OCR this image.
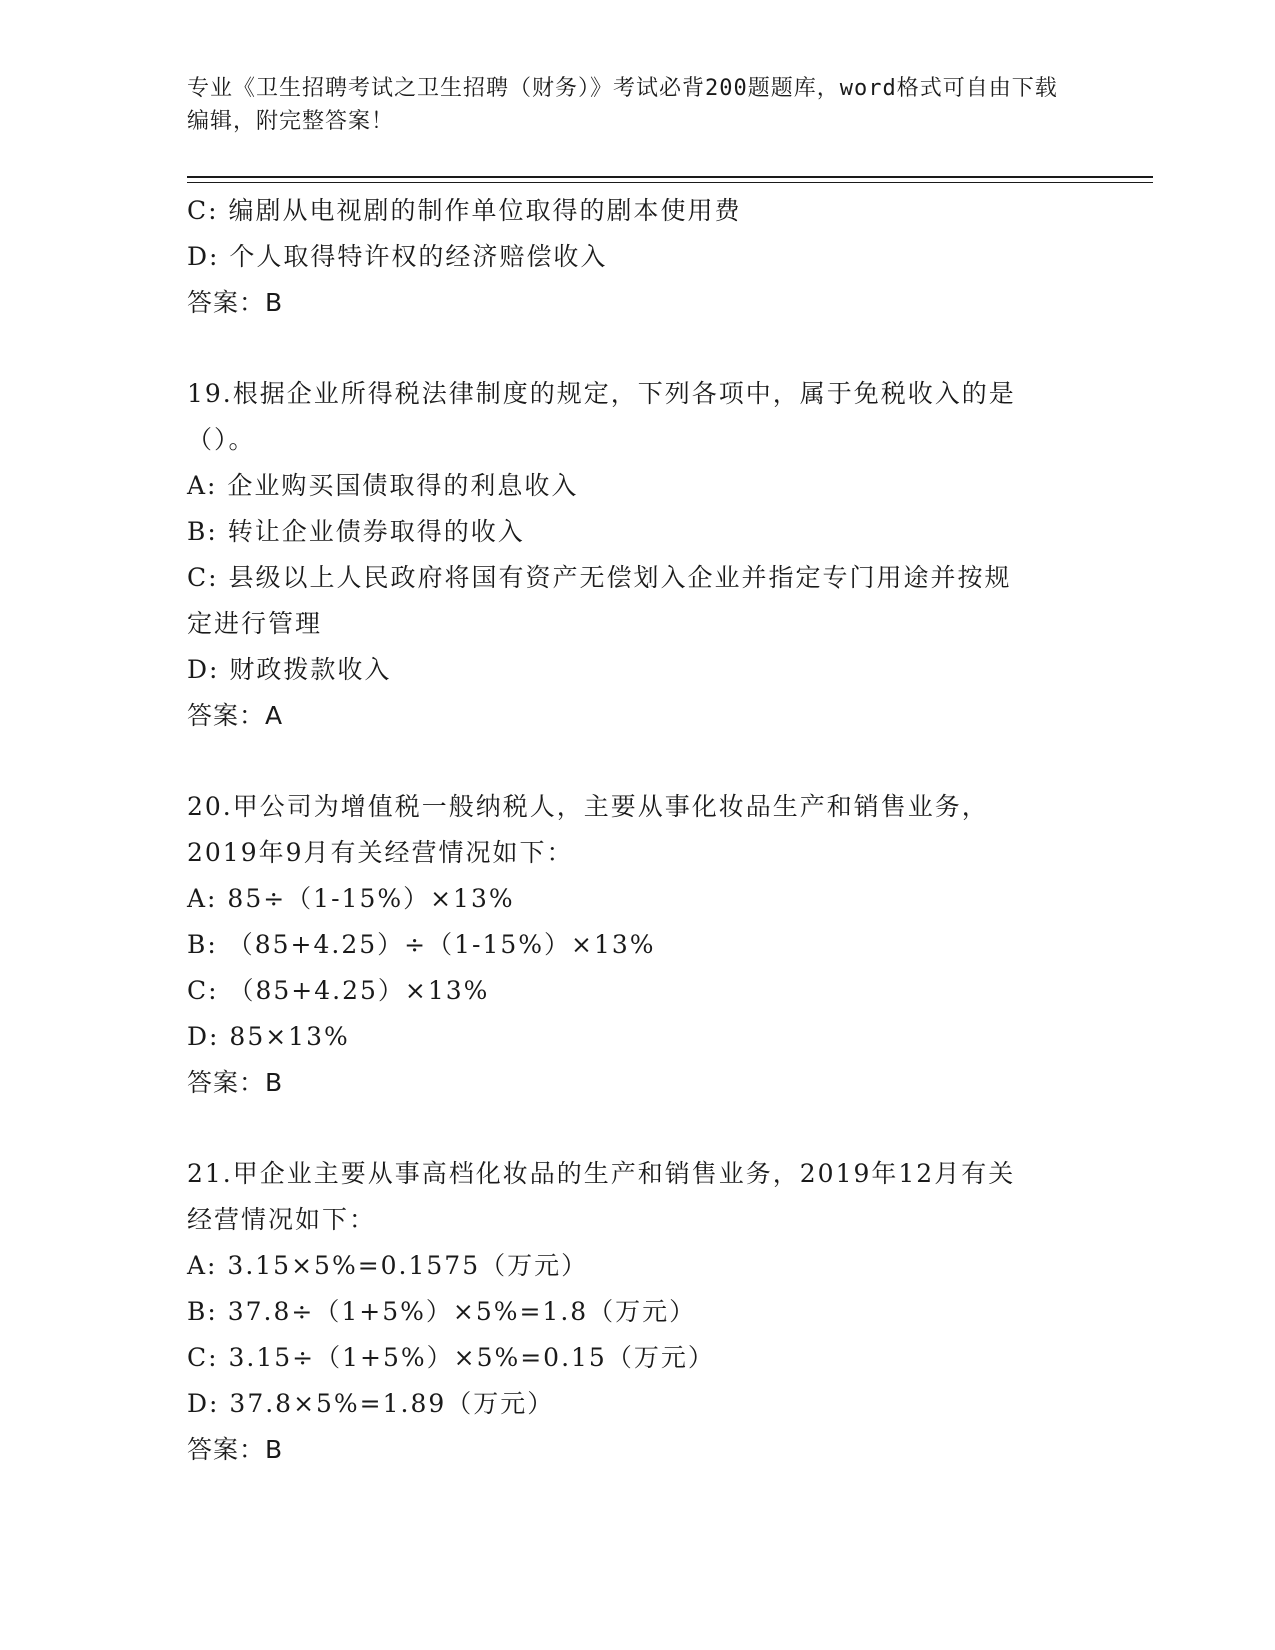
专业《卫生招聘考试之卫生招聘（财务）》考试必背200题题库，word格式可自由下载编辑，附完整答案！
C: 编剧从电视剧的制作单位取得的剧本使用费
D: 个人取得特许权的经济赔偿收入
答案：B
19.根据企业所得税法律制度的规定，下列各项中，属于免税收入的是
（）。
A: 企业购买国债取得的利息收入
B: 转让企业债券取得的收入
C: 县级以上人民政府将国有资产无偿划入企业并指定专门用途并按规
定进行管理
D: 财政拨款收入
答案：A
20.甲公司为增值税一般纳税人，主要从事化妆品生产和销售业务，
2019年9月有关经营情况如下：
A: 85÷（1-15%）×13%
B: （85+4.25）÷（1-15%）×13%
C: （85+4.25）×13%
D: 85×13%
答案：B
21.甲企业主要从事高档化妆品的生产和销售业务，2019年12月有关
经营情况如下：
A: 3.15×5%=0.1575（万元）
B: 37.8÷（1+5%）×5%=1.8（万元）
C: 3.15÷（1+5%）×5%=0.15（万元）
D: 37.8×5%=1.89（万元）
答案：B
